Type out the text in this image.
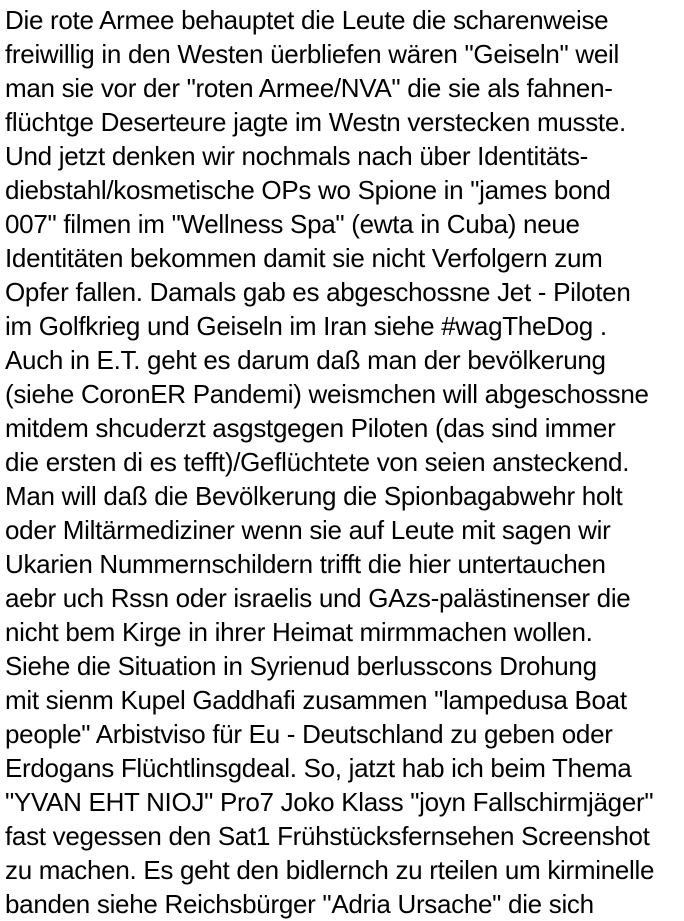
Die rote Armee behauptet die Leute die scharenweise
freiwillig in den Westen üerbliefen wären "Geiseln" weil
man sie vor der "roten Armee/NVA" die sie als fahnen-
flüchtge Deserteure jagte im Westn verstecken musste.
Und jetzt denken wir nochmals nach über Identitäts-
diebstahl/kosmetische OPs wo Spione in "james bond
007" filmen im "Wellness Spa" (ewta in Cuba) neue
Identitäten bekommen damit sie nicht Verfolgern zum
Opfer fallen. Damals gab es abgeschossne Jet - Piloten
im Golfkrieg und Geiseln im Iran siehe #wagTheDog .
Auch in E.T. geht es darum daß man der bevölkerung
(siehe CoronER Pandemi) weismchen will abgeschossne
mitdem shcuderzt asgstgegen Piloten (das sind immer
die ersten di es tefft)/Geflüchtete von seien ansteckend.
Man will daß die Bevölkerung die Spionbagabwehr holt
oder Miltärmediziner wenn sie auf Leute mit sagen wir
Ukarien Nummernschildern trifft die hier untertauchen
aebr uch Rssn oder israelis und GAzs-palästinenser die
nicht bem Kirge in ihrer Heimat mirmmachen wollen.
Siehe die Situation in Syrienud berlusscons Drohung
mit sienm Kupel Gaddhafi zusammen "lampedusa Boat
people" Arbistviso für Eu - Deutschland zu geben oder
Erdogans Flüchtlinsgdeal. So, jatzt hab ich beim Thema
"YVAN EHT NIOJ" Pro7 Joko Klass "joyn Fallschirmjäger"
fast vegessen den Sat1 Frühstücksfernsehen Screenshot
zu machen. Es geht den bidlernch zu rteilen um kirminelle
banden siehe Reichsbürger "Adria Ursache" die sich
